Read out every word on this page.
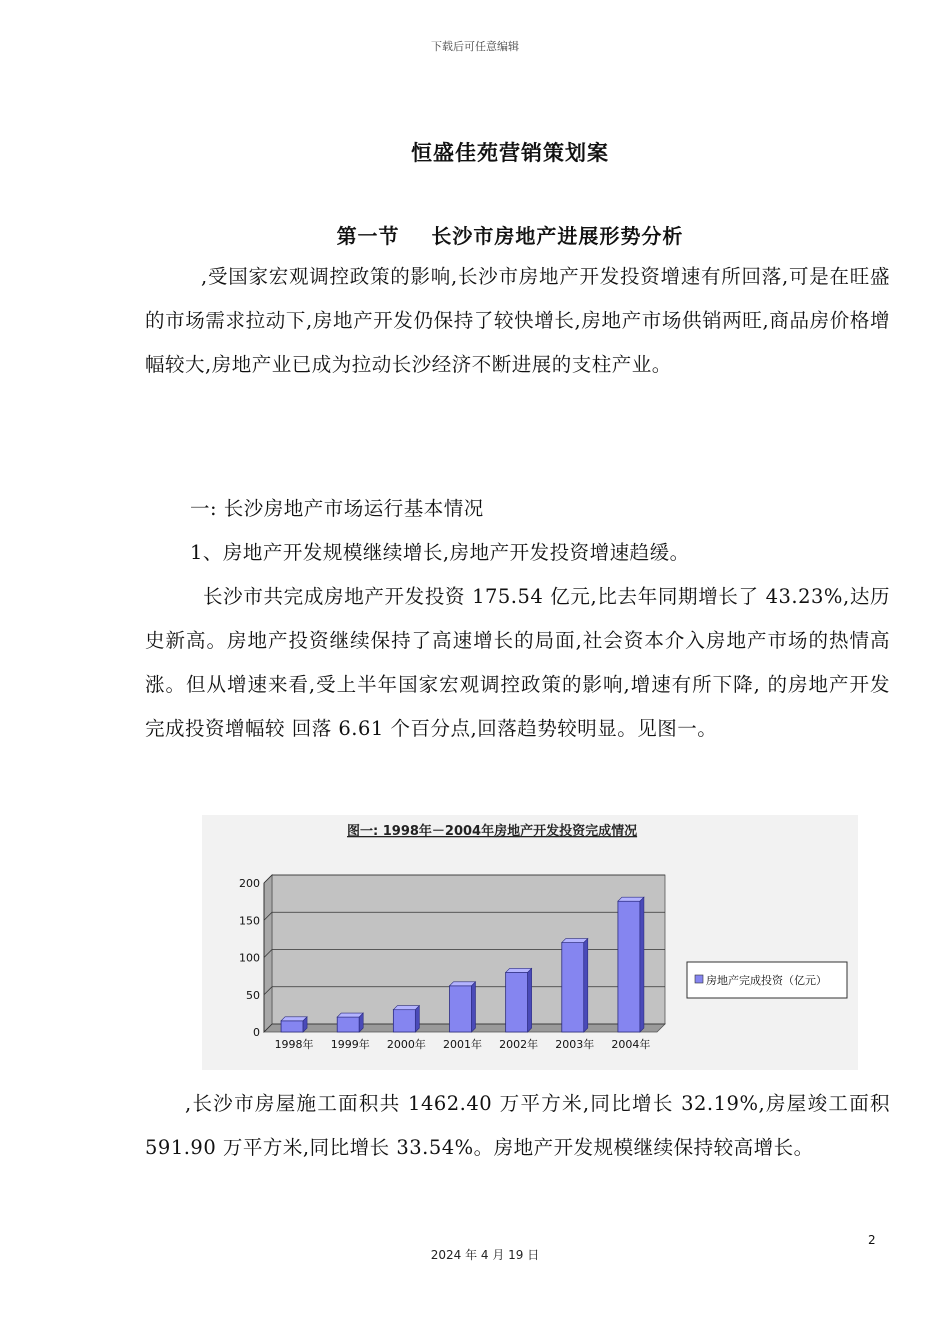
下载后可任意编辑
恒盛佳苑营销策划案
第一节    长沙市房地产进展形势分析

,受国家宏观调控政策的影响,长沙市房地产开发投资增速有所回落,可是在旺盛的市场需求拉动下,房地产开发仍保持了较快增长,房地产市场供销两旺,商品房价格增幅较大,房地产业已成为拉动长沙经济不断进展的支柱产业。

一: 长沙房地产市场运行基本情况

1、房地产开发规模继续增长,房地产开发投资增速趋缓。

长沙市共完成房地产开发投资 175.54 亿元,比去年同期增长了 43.23%,达历史新高。房地产投资继续保持了高速增长的局面,社会资本介入房地产市场的热情高涨。但从增速来看,受上半年国家宏观调控政策的影响,增速有所下降, 的房地产开发完成投资增幅较 回落 6.61 个百分点,回落趋势较明显。见图一。

图一: 1998年－2004年房地产开发投资完成情况
0
50
100
150
200
1998年 1999年 2000年 2001年 2002年 2003年 2004年
房地产完成投资（亿元）

,长沙市房屋施工面积共 1462.40 万平方米,同比增长 32.19%,房屋竣工面积 591.90 万平方米,同比增长 33.54%。房地产开发规模继续保持较高增长。

2
2024 年 4 月 19 日
